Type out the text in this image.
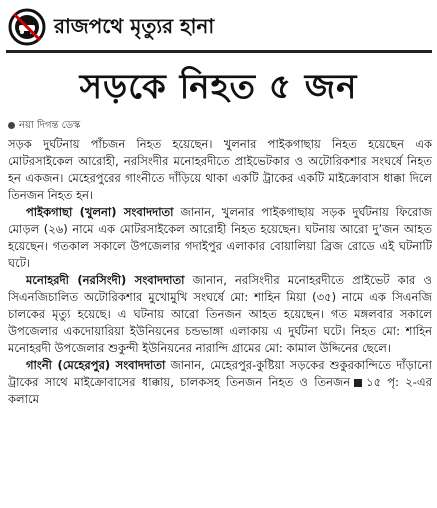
রাজপথে মৃত্যুর হানা
সড়কে নিহত ৫ জন
নয়া দিগন্ত ডেস্ক

সড়ক দুর্ঘটনায় পাঁচজন নিহত হয়েছেন। খুলনার পাইকগাছায় নিহত হয়েছেন এক মোটরসাইকেল আরোহী, নরসিংদীর মনোহরদীতে প্রাইভেটকার ও অটোরিকশার সংঘর্ষে নিহত হন একজন। মেহেরপুরের গাংনীতে দাঁড়িয়ে থাকা একটি ট্রাকের একটি মাইক্রোবাস ধাক্কা দিলে তিনজন নিহত হন।

পাইকগাছা (খুলনা) সংবাদদাতা জানান, খুলনার পাইকগাছায় সড়ক দুর্ঘটনায় ফিরোজ মোড়ল (২৬) নামে এক মোটরসাইকেল আরোহী নিহত হয়েছেন। ঘটনায় আরো দু’জন আহত হয়েছেন। গতকাল সকালে উপজেলার গদাইপুর এলাকার বোয়ালিয়া ব্রিজ রোডে এই ঘটনাটি ঘটে।

মনোহরদী (নরসিংদী) সংবাদদাতা জানান, নরসিংদীর মনোহরদীতে প্রাইভেট কার ও সিএনজিচালিত অটোরিকশার মুখোমুখি সংঘর্ষে মো: শাহিন মিয়া (৩৫) নামে এক সিএনজি চালকের মৃত্যু হয়েছে। এ ঘটনায় আরো তিনজন আহত হয়েছেন। গত মঙ্গলবার সকালে উপজেলার একদোয়ারিয়া ইউনিয়নের চন্ডভাঙ্গা এলাকায় এ দুর্ঘটনা ঘটে। নিহত মো: শাহিন মনোহরদী উপজেলার শুকুন্দী ইউনিয়নের নারান্দি গ্রামের মো: কামাল উদ্দিনের ছেলে।

গাংনী (মেহেরপুর) সংবাদদাতা জানান, মেহেরপুর-কুষ্টিয়া সড়কের শুকুরকান্দিতে দাঁড়ানো ট্রাকের সাথে মাইক্রোবাসের ধাক্কায়, চালকসহ তিনজন নিহত ও তিনজন ১৫ পৃ: ২-এর কলামে
